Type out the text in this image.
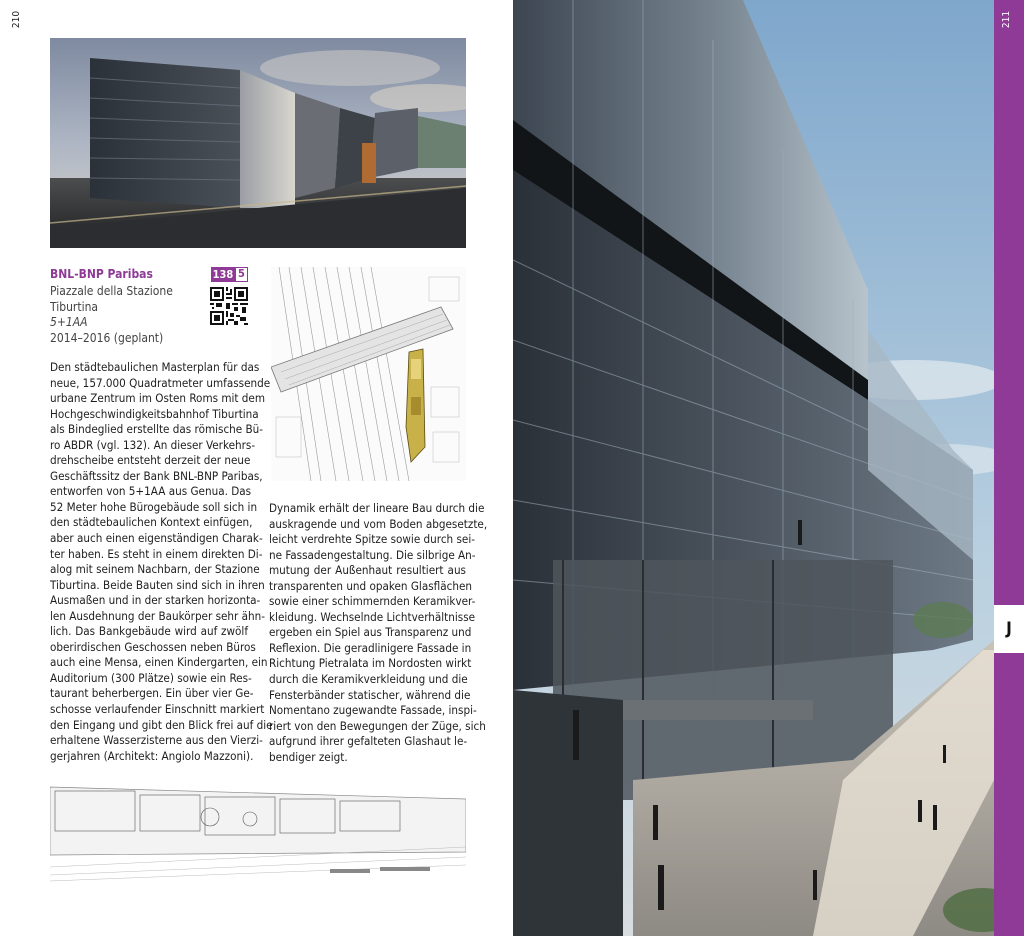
210	211
BNL-BNP Paribas
Piazzale della Stazione
Tiburtina
5+1AA
2014–2016 (geplant)
138 5
Den städtebaulichen Masterplan für das
neue, 157.000 Quadratmeter umfassende
urbane Zentrum im Osten Roms mit dem
Hochgeschwindigkeitsbahnhof Tiburtina
als Bindeglied erstellte das römische Bü-
ro ABDR (vgl. 132). An dieser Verkehrs-
drehscheibe entsteht derzeit der neue
Geschäftssitz der Bank BNL-BNP Paribas,
entworfen von 5+1AA aus Genua. Das
52 Meter hohe Bürogebäude soll sich in
den städtebaulichen Kontext einfügen,
aber auch einen eigenständigen Charak-
ter haben. Es steht in einem direkten Di-
alog mit seinem Nachbarn, der Stazione
Tiburtina. Beide Bauten sind sich in ihren
Ausmaßen und in der starken horizonta-
len Ausdehnung der Baukörper sehr ähn-
lich. Das Bankgebäude wird auf zwölf
oberirdischen Geschossen neben Büros
auch eine Mensa, einen Kindergarten, ein
Auditorium (300 Plätze) sowie ein Res-
taurant beherbergen. Ein über vier Ge-
schosse verlaufender Einschnitt markiert
den Eingang und gibt den Blick frei auf die
erhaltene Wasserzisterne aus den Vierzi-
gerjahren (Architekt: Angiolo Mazzoni).
Dynamik erhält der lineare Bau durch die
auskragende und vom Boden abgesetzte,
leicht verdrehte Spitze sowie durch sei-
ne Fassadengestaltung. Die silbrige An-
mutung der Außenhaut resultiert aus
transparenten und opaken Glasflächen
sowie einer schimmernden Keramikver-
kleidung. Wechselnde Lichtverhältnisse
ergeben ein Spiel aus Transparenz und
Reflexion. Die geradlinigere Fassade in
Richtung Pietralata im Nordosten wirkt
durch die Keramikverkleidung und die
Fensterbänder statischer, während die
Nomentano zugewandte Fassade, inspi-
riert von den Bewegungen der Züge, sich
aufgrund ihrer gefalteten Glashaut le-
bendiger zeigt.
J
